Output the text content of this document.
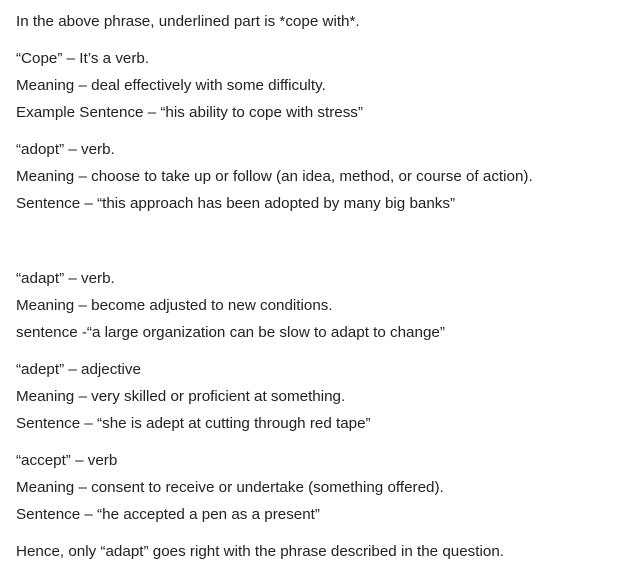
In the above phrase, underlined part is *cope with*.

“Cope” – It’s a verb.

Meaning – deal effectively with some difficulty.

Example Sentence – “his ability to cope with stress”

“adopt” – verb.

Meaning – choose to take up or follow (an idea, method, or course of action).

Sentence – “this approach has been adopted by many big banks”

“adapt” – verb.

Meaning – become adjusted to new conditions.

sentence -“a large organization can be slow to adapt to change”

“adept” – adjective

Meaning – very skilled or proficient at something.

Sentence – “she is adept at cutting through red tape”

“accept” – verb

Meaning – consent to receive or undertake (something offered).

Sentence – “he accepted a pen as a present”

Hence, only “adapt” goes right with the phrase described in the question.
